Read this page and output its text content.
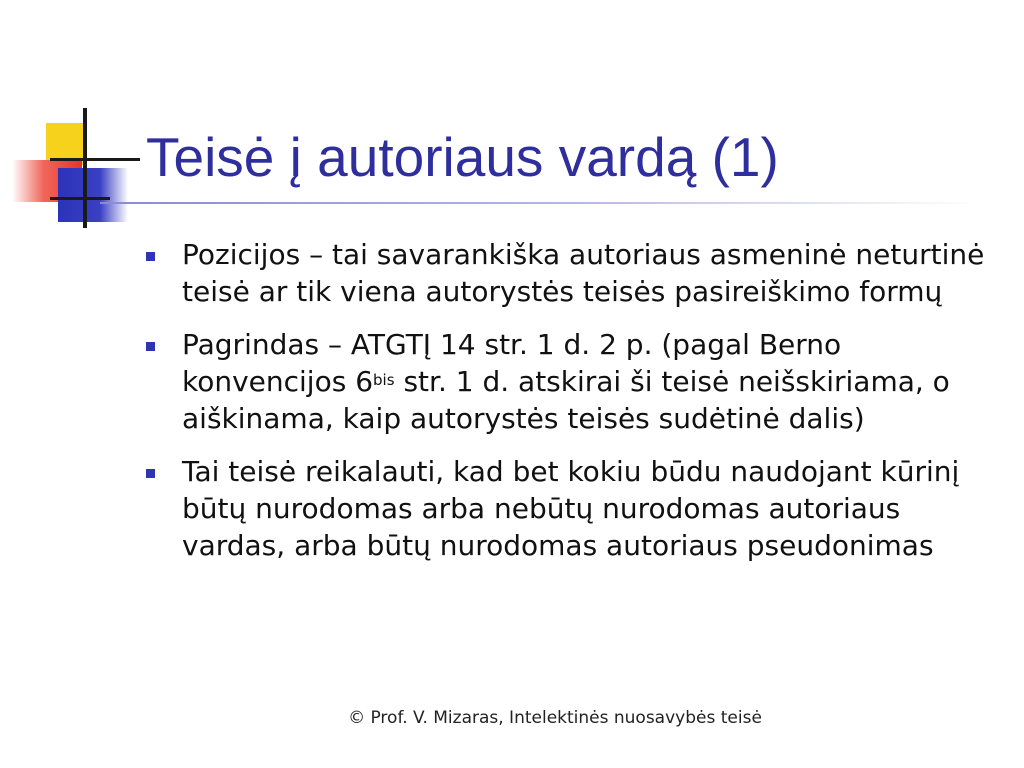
Teisė į autoriaus vardą (1)
Pozicijos – tai savarankiška autoriaus asmeninė neturtinė teisė ar tik viena autorystės teisės pasireiškimo formų
Pagrindas – ATGTĮ 14 str. 1 d. 2 p. (pagal Berno konvencijos $6^{bis}$ str. 1 d. atskirai ši teisė neišskiriama, o aiškinama, kaip autorystės teisės sudėtinė dalis)
Tai teisė reikalauti, kad bet kokiu būdu naudojant kūrinį būtų nurodomas arba nebūtų nurodomas autoriaus vardas, arba būtų nurodomas autoriaus pseudonimas
© Prof. V. Mizaras, Intelektinės nuosavybės teisė
